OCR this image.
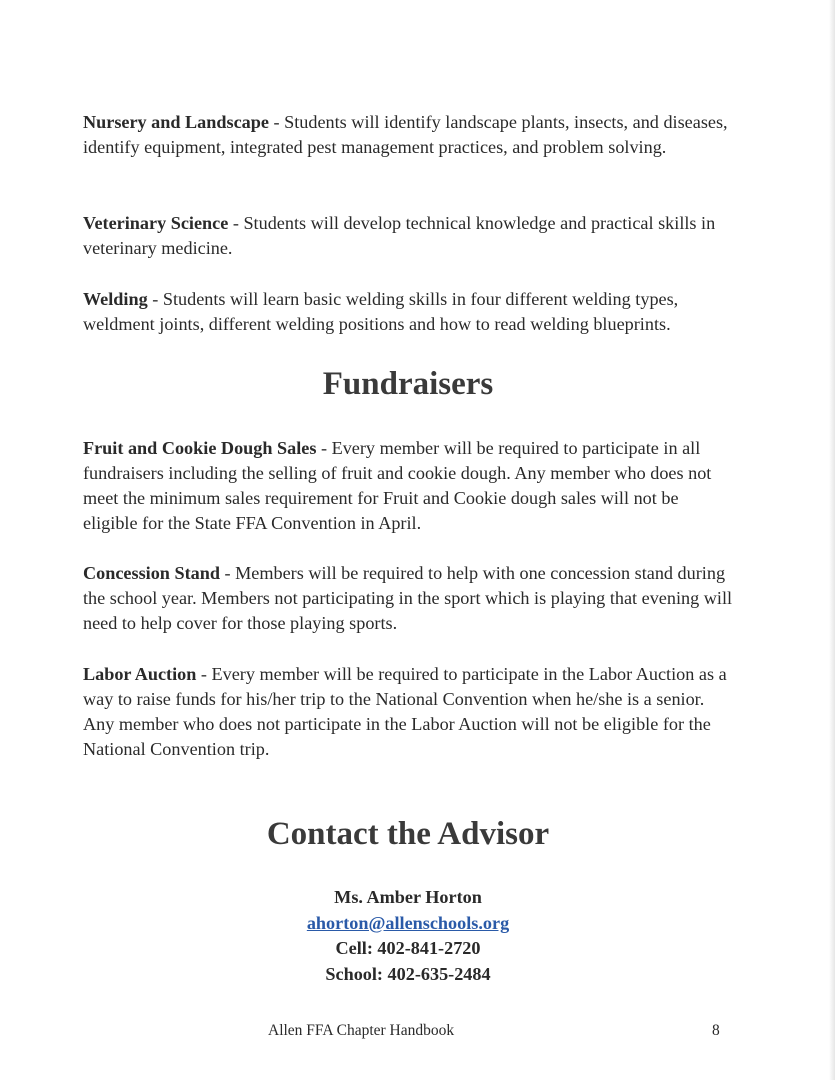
Nursery and Landscape - Students will identify landscape plants, insects, and diseases, identify equipment, integrated pest management practices, and problem solving.

Veterinary Science - Students will develop technical knowledge and practical skills in veterinary medicine.

Welding - Students will learn basic welding skills in four different welding types, weldment joints, different welding positions and how to read welding blueprints.

Fundraisers

Fruit and Cookie Dough Sales - Every member will be required to participate in all fundraisers including the selling of fruit and cookie dough. Any member who does not meet the minimum sales requirement for Fruit and Cookie dough sales will not be eligible for the State FFA Convention in April.

Concession Stand - Members will be required to help with one concession stand during the school year. Members not participating in the sport which is playing that evening will need to help cover for those playing sports.

Labor Auction - Every member will be required to participate in the Labor Auction as a way to raise funds for his/her trip to the National Convention when he/she is a senior. Any member who does not participate in the Labor Auction will not be eligible for the National Convention trip.

Contact the Advisor
Ms. Amber Horton
ahorton@allenschools.org
Cell: 402-841-2720
School: 402-635-2484
Allen FFA Chapter Handbook	8
